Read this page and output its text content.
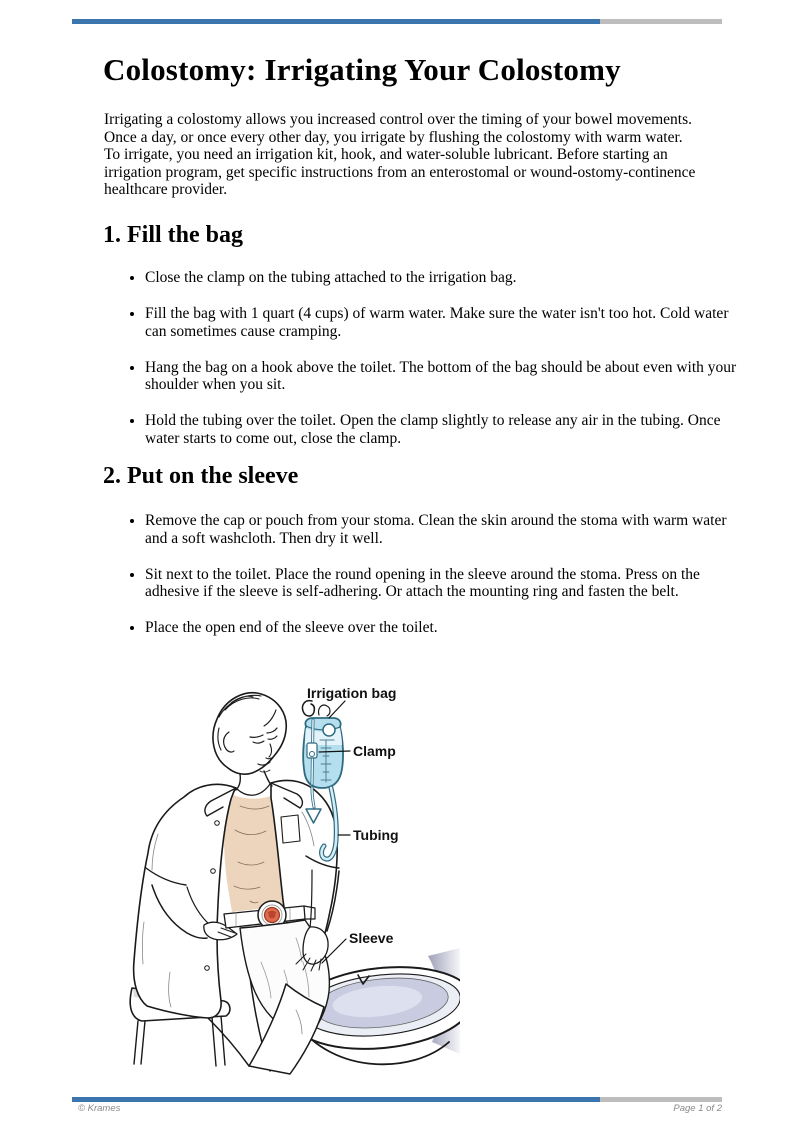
Colostomy: Irrigating Your Colostomy

Irrigating a colostomy allows you increased control over the timing of your bowel movements. Once a day, or once every other day, you irrigate by flushing the colostomy with warm water. To irrigate, you need an irrigation kit, hook, and water-soluble lubricant. Before starting an irrigation program, get specific instructions from an enterostomal or wound-ostomy-continence healthcare provider.

1. Fill the bag
• Close the clamp on the tubing attached to the irrigation bag.
• Fill the bag with 1 quart (4 cups) of warm water. Make sure the water isn't too hot. Cold water can sometimes cause cramping.
• Hang the bag on a hook above the toilet. The bottom of the bag should be about even with your shoulder when you sit.
• Hold the tubing over the toilet. Open the clamp slightly to release any air in the tubing. Once water starts to come out, close the clamp.
2. Put on the sleeve
• Remove the cap or pouch from your stoma. Clean the skin around the stoma with warm water and a soft washcloth. Then dry it well.
• Sit next to the toilet. Place the round opening in the sleeve around the stoma. Press on the adhesive if the sleeve is self-adhering. Or attach the mounting ring and fasten the belt.
• Place the open end of the sleeve over the toilet.
Irrigation bag
Clamp
Tubing
Sleeve
© Krames	Page 1 of 2
